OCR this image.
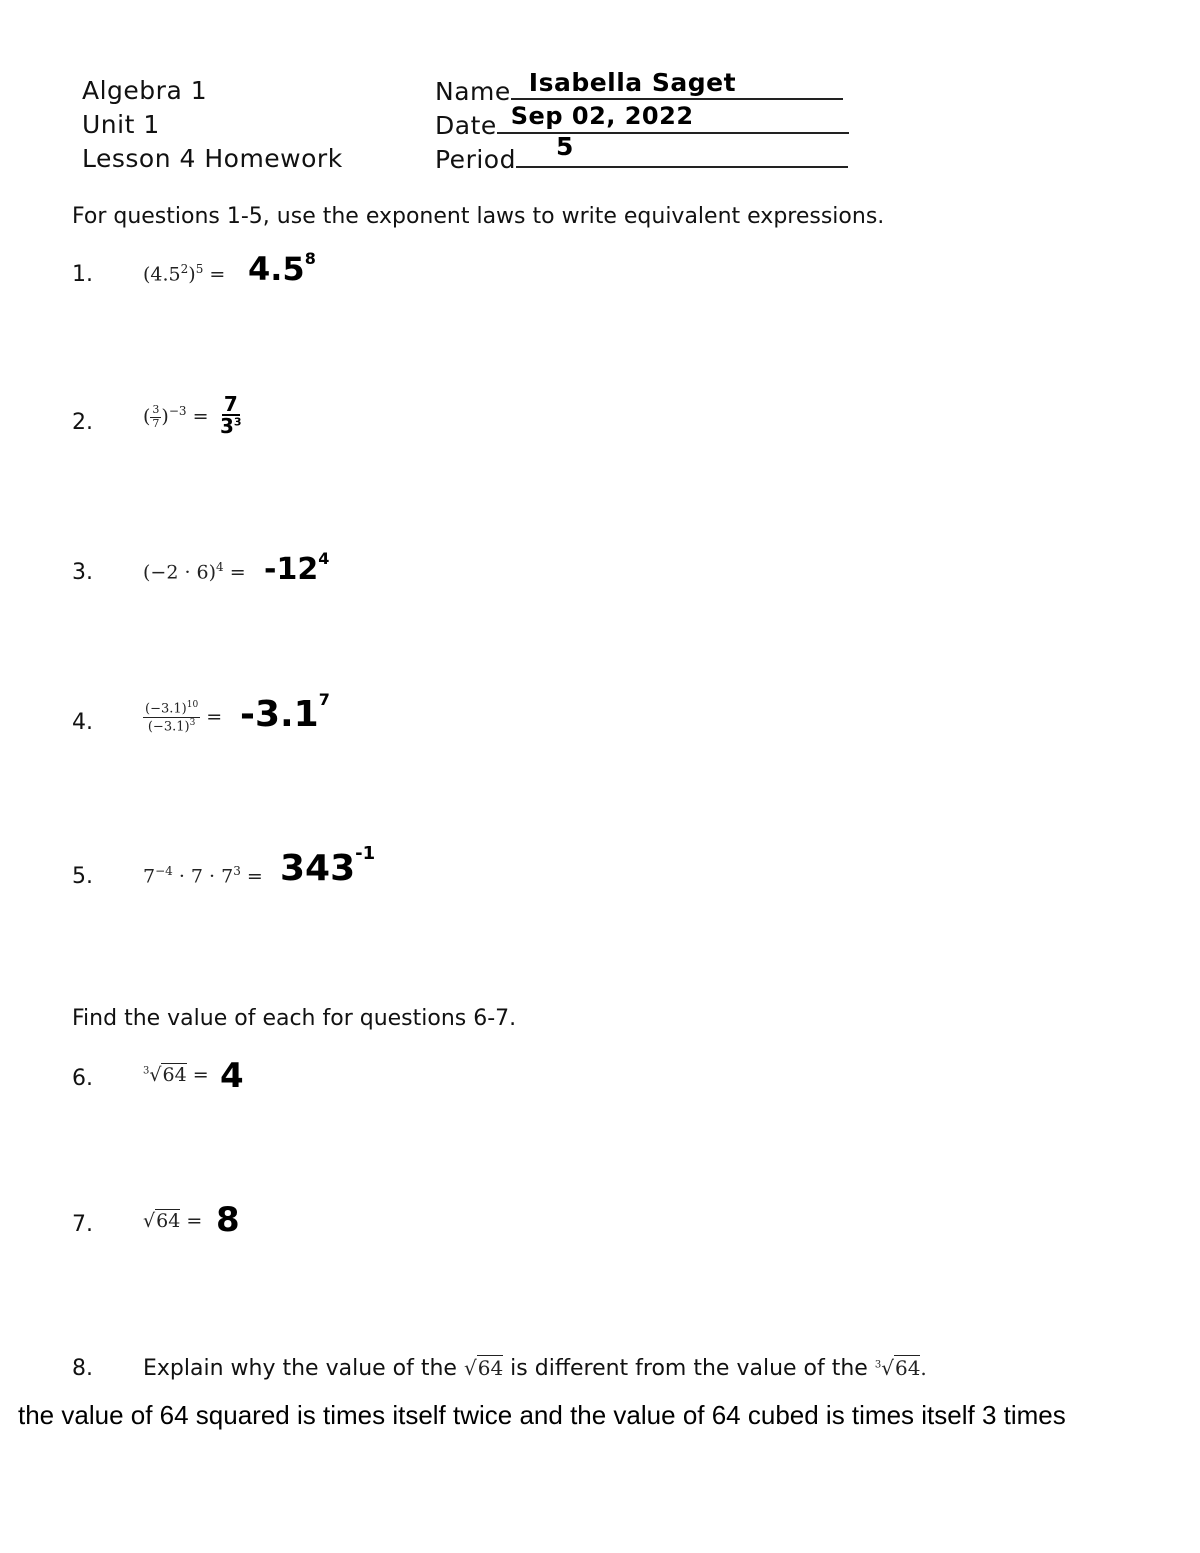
Algebra 1
Unit 1
Lesson 4 Homework
Name Isabella Saget
Date Sep 02, 2022
Period 5
For questions 1-5, use the exponent laws to write equivalent expressions.
1.	$(4.5^2)^5 = 4.5^8$
2.	( $\frac{3}{7} )^{-3} = \frac{7}{3^3}$
3.	$(-2 \cdot 6)^4 = -12^4$
4.	$\frac{(-3.1)^{10}}{(-3.1)^3} = -3.1^7$
5.	$7^{-4} \cdot 7 \cdot 7^3 = 343^{-1}$
Find the value of each for questions 6-7.
6.	$^3$√64 = 4
7.	√64 = 8
8. Explain why the value of the √64 is different from the value of the $^3$√64.
the value of 64 squared is times itself twice and the value of 64 cubed is times itself 3 times
